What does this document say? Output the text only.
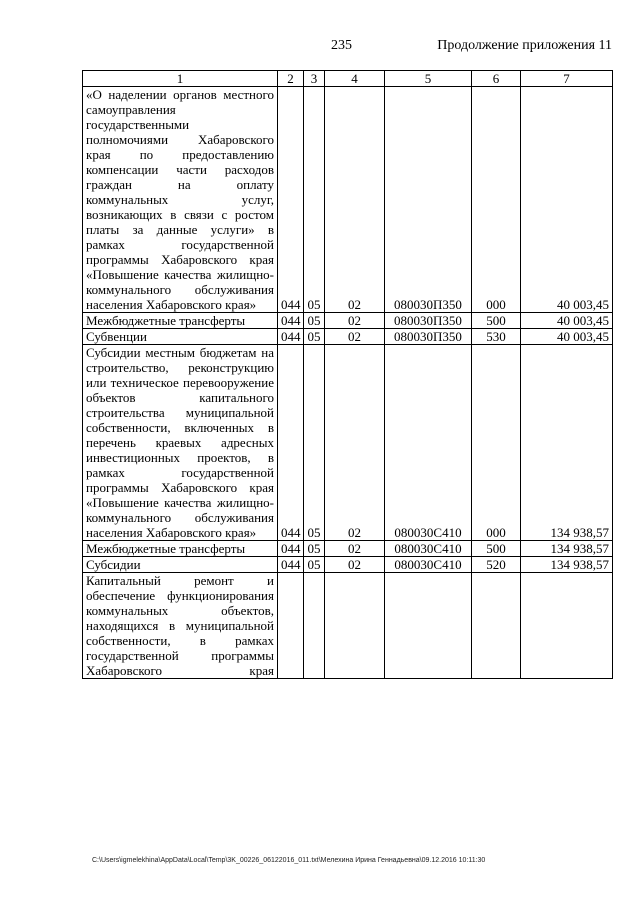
235	Продолжение приложения 11
1	2	3	4	5	6	7
«О наделении органов местного самоуправления государственными полномочиями Хабаровского края по предоставлению компенсации части расходов граждан на оплату коммунальных услуг, возникающих в связи с ростом платы за данные услуги» в рамках государственной программы Хабаровского края «Повышение качества жилищно-коммунального обслуживания населения Хабаровского края»	044	05	02	080030П350	000	40 003,45
Межбюджетные трансферты	044	05	02	080030П350	500	40 003,45
Субвенции	044	05	02	080030П350	530	40 003,45
Субсидии местным бюджетам на строительство, реконструкцию или техническое перевооружение объектов капитального строительства муниципальной собственности, включенных в перечень краевых адресных инвестиционных проектов, в рамках государственной программы Хабаровского края «Повышение качества жилищно-коммунального обслуживания населения Хабаровского края»	044	05	02	080030С410	000	134 938,57
Межбюджетные трансферты	044	05	02	080030С410	500	134 938,57
Субсидии	044	05	02	080030С410	520	134 938,57
Капитальный ремонт и обеспечение функционирования коммунальных объектов, находящихся в муниципальной собственности, в рамках государственной программы Хабаровского края						
C:\Users\igmelekhina\AppData\Local\Temp\3K_00226_06122016_011.txt\Мелехина Ирина Геннадьевна\09.12.2016 10:11:30
